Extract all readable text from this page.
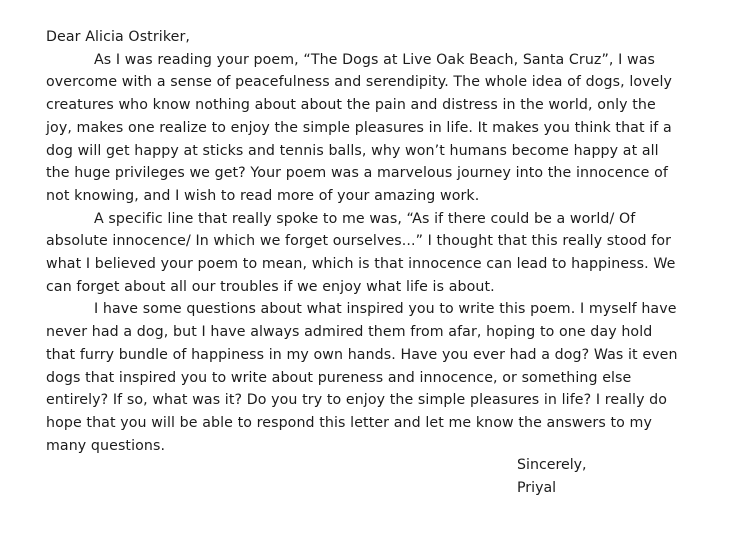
Dear Alicia Ostriker,

As I was reading your poem, “The Dogs at Live Oak Beach, Santa Cruz”, I was overcome with a sense of peacefulness and serendipity. The whole idea of dogs, lovely creatures who know nothing about about the pain and distress in the world, only the joy, makes one realize to enjoy the simple pleasures in life. It makes you think that if a dog will get happy at sticks and tennis balls, why won’t humans become happy at all the huge privileges we get? Your poem was a marvelous journey into the innocence of not knowing, and I wish to read more of your amazing work.

A specific line that really spoke to me was, “As if there could be a world/ Of absolute innocence/ In which we forget ourselves...” I thought that this really stood for what I believed your poem to mean, which is that innocence can lead to happiness. We can forget about all our troubles if we enjoy what life is about.

I have some questions about what inspired you to write this poem. I myself have never had a dog, but I have always admired them from afar, hoping to one day hold that furry bundle of happiness in my own hands. Have you ever had a dog? Was it even dogs that inspired you to write about pureness and innocence, or something else entirely? If so, what was it? Do you try to enjoy the simple pleasures in life? I really do hope that you will be able to respond this letter and let me know the answers to my many questions.

Sincerely,
Priyal
